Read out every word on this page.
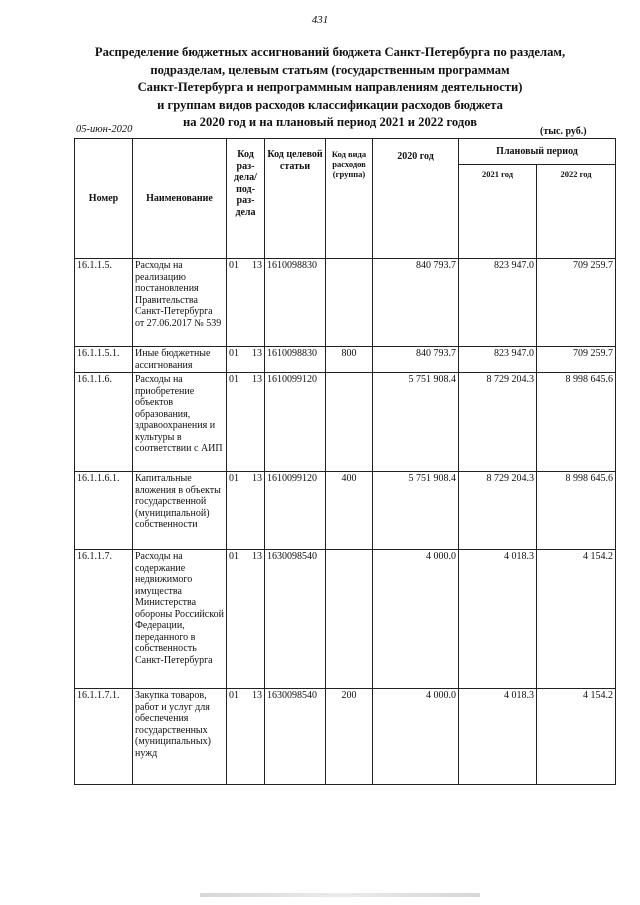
431
Распределение бюджетных ассигнований бюджета Санкт-Петербурга по разделам,
подразделам, целевым статьям (государственным программам
Санкт-Петербурга и непрограммным направлениям деятельности)
и группам видов расходов классификации расходов бюджета
на 2020 год и на плановый период 2021 и 2022 годов
05-июн-2020	(тыс. руб.)
Номер	Наименование	Код раз-дела/ под-раз-дела	Код целевой статьи	Код вида расходов (группа)	2020 год	Плановый период	
						2021 год	2022 год
16.1.1.5.	Расходы на реализацию постановления Правительства Санкт-Петербурга от 27.06.2017 № 539	01 13	1610098830		840 793.7	823 947.0	709 259.7
16.1.1.5.1.	Иные бюджетные ассигнования	01 13	1610098830	800	840 793.7	823 947.0	709 259.7
16.1.1.6.	Расходы на приобретение объектов образования, здравоохранения и культуры в соответствии с АИП	01 13	1610099120		5 751 908.4	8 729 204.3	8 998 645.6
16.1.1.6.1.	Капитальные вложения в объекты государственной (муниципальной) собственности	01 13	1610099120	400	5 751 908.4	8 729 204.3	8 998 645.6
16.1.1.7.	Расходы на содержание недвижимого имущества Министерства обороны Российской Федерации, переданного в собственность Санкт-Петербурга	01 13	1630098540		4 000.0	4 018.3	4 154.2
16.1.1.7.1.	Закупка товаров, работ и услуг для обеспечения государственных (муниципальных) нужд	01 13	1630098540	200	4 000.0	4 018.3	4 154.2
